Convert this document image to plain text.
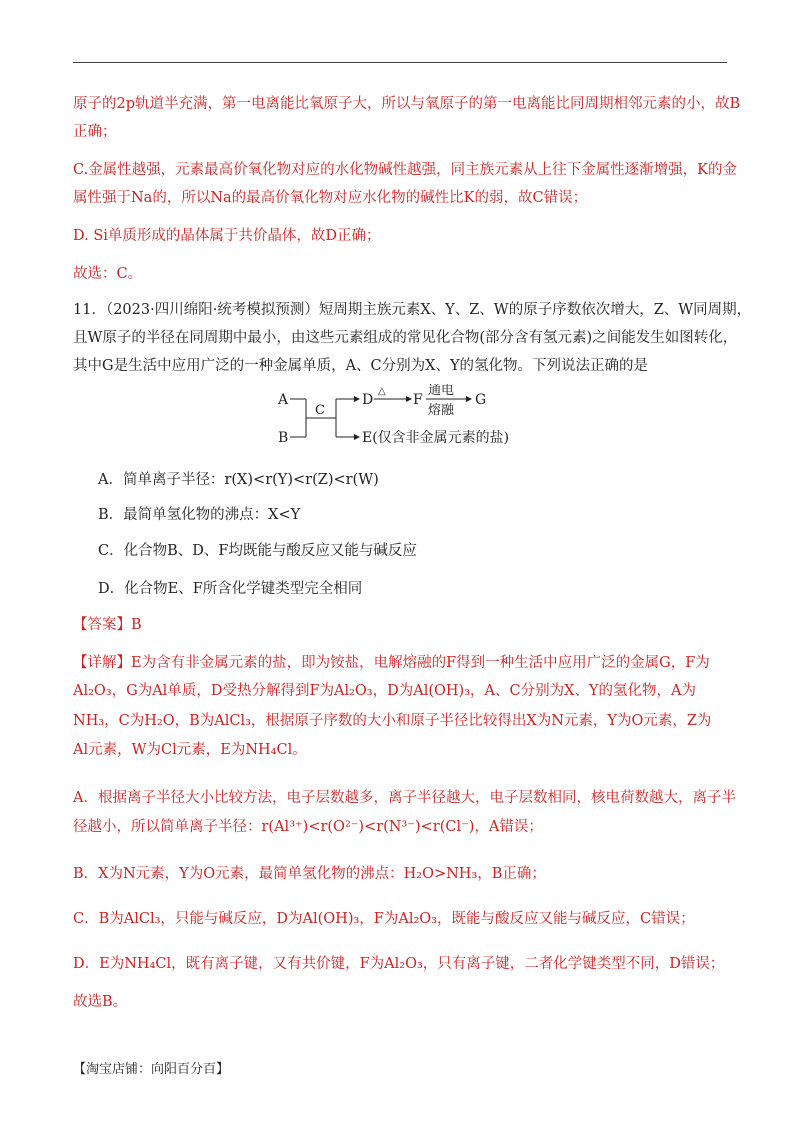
原子的2p轨道半充满，第一电离能比氧原子大，所以与氧原子的第一电离能比同周期相邻元素的小，故B
正确；
C.金属性越强，元素最高价氧化物对应的水化物碱性越强，同主族元素从上往下金属性逐渐增强，K的金
属性强于Na的，所以Na的最高价氧化物对应水化物的碱性比K的弱，故C错误；
D. Si单质形成的晶体属于共价晶体，故D正确；
故选：C。
11．（2023·四川绵阳·统考模拟预测）短周期主族元素X、Y、Z、W的原子序数依次增大，Z、W同周期，
且W原子的半径在同周期中最小，由这些元素组成的常见化合物(部分含有氢元素)之间能发生如图转化，
其中G是生活中应用广泛的一种金属单质，A、C分别为X、Y的氢化物。下列说法正确的是
A
B
C
D
△
F
通电
熔融
G
E(仅含非金属元素的盐)
A．简单离子半径：r(X)<r(Y)<r(Z)<r(W)
B．最简单氢化物的沸点：X<Y
C．化合物B、D、F均既能与酸反应又能与碱反应
D．化合物E、F所含化学键类型完全相同
【答案】B
【详解】E为含有非金属元素的盐，即为铵盐，电解熔融的F得到一种生活中应用广泛的金属G，F为
Al₂O₃，G为Al单质，D受热分解得到F为Al₂O₃，D为Al(OH)₃，A、C分别为X、Y的氢化物，A为
NH₃，C为H₂O，B为AlCl₃，根据原子序数的大小和原子半径比较得出X为N元素，Y为O元素，Z为
Al元素，W为Cl元素，E为NH₄Cl。
A．根据离子半径大小比较方法，电子层数越多，离子半径越大，电子层数相同，核电荷数越大，离子半
径越小，所以简单离子半径：r(Al³⁺)<r(O²⁻)<r(N³⁻)<r(Cl⁻)，A错误；
B．X为N元素，Y为O元素，最简单氢化物的沸点：H₂O>NH₃，B正确；
C．B为AlCl₃，只能与碱反应，D为Al(OH)₃，F为Al₂O₃，既能与酸反应又能与碱反应，C错误；
D．E为NH₄Cl，既有离子键，又有共价键，F为Al₂O₃，只有离子键，二者化学键类型不同，D错误；
故选B。
【淘宝店铺：向阳百分百】
